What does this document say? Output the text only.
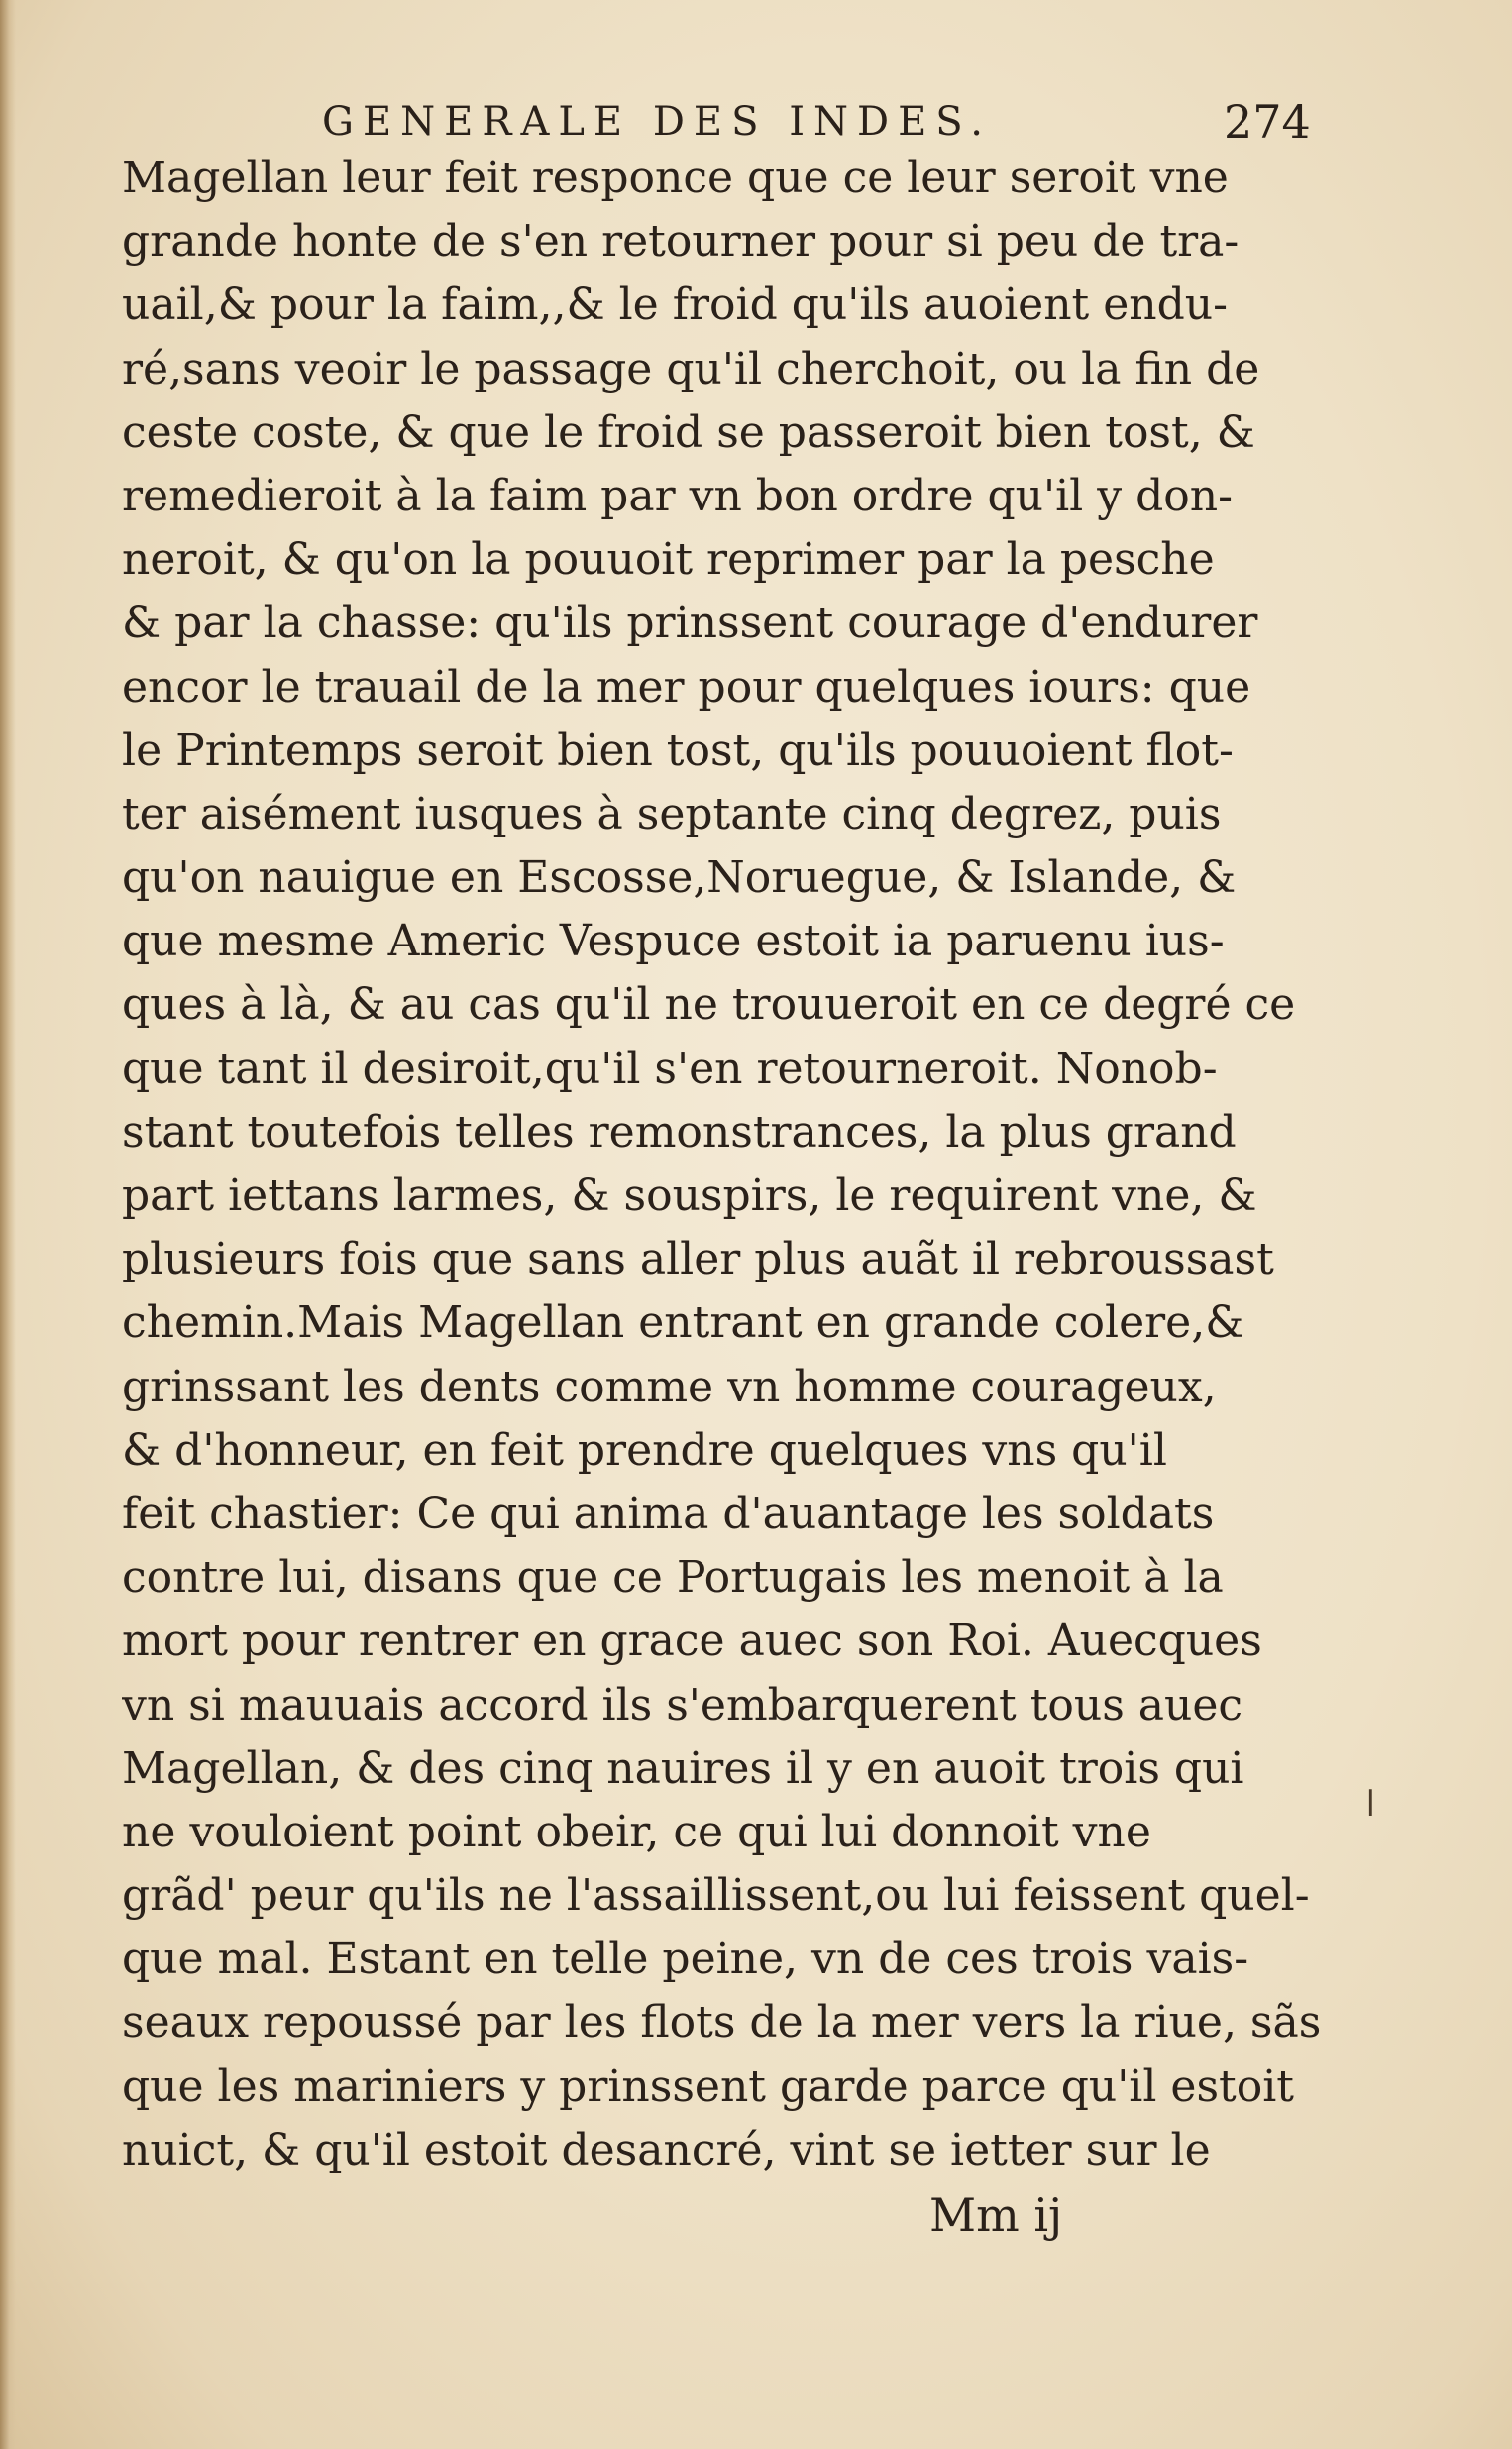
GENERALE DES INDES.	274
Magellan leur feit responce que ce leur seroit vne
grande honte de s'en retourner pour si peu de tra-
uail,& pour la faim,,& le froid qu'ils auoient endu-
ré,sans veoir le passage qu'il cherchoit, ou la fin de
ceste coste, & que le froid se passeroit bien tost, &
remedieroit à la faim par vn bon ordre qu'il y don-
neroit, & qu'on la pouuoit reprimer par la pesche
& par la chasse: qu'ils prinssent courage d'endurer
encor le trauail de la mer pour quelques iours: que
le Printemps seroit bien tost, qu'ils pouuoient flot-
ter aisément iusques à septante cinq degrez, puis
qu'on nauigue en Escosse,Noruegue, & Islande, &
que mesme Americ Vespuce estoit ia paruenu ius-
ques à là, & au cas qu'il ne trouueroit en ce degré ce
que tant il desiroit,qu'il s'en retourneroit. Nonob-
stant toutefois telles remonstrances, la plus grand
part iettans larmes, & souspirs, le requirent vne, &
plusieurs fois que sans aller plus auãt il rebroussast
chemin.Mais Magellan entrant en grande colere,&
grinssant les dents comme vn homme courageux,
& d'honneur, en feit prendre quelques vns qu'il
feit chastier: Ce qui anima d'auantage les soldats
contre lui, disans que ce Portugais les menoit à la
mort pour rentrer en grace auec son Roi. Auecques
vn si mauuais accord ils s'embarquerent tous auec
Magellan, & des cinq nauires il y en auoit trois qui
ne vouloient point obeir, ce qui lui donnoit vne
grãd' peur qu'ils ne l'assaillissent,ou lui feissent quel-
que mal. Estant en telle peine, vn de ces trois vais-
seaux repoussé par les flots de la mer vers la riue, sãs
que les mariniers y prinssent garde parce qu'il estoit
nuict, & qu'il estoit desancré, vint se ietter sur le
ǀ
Mm ij
